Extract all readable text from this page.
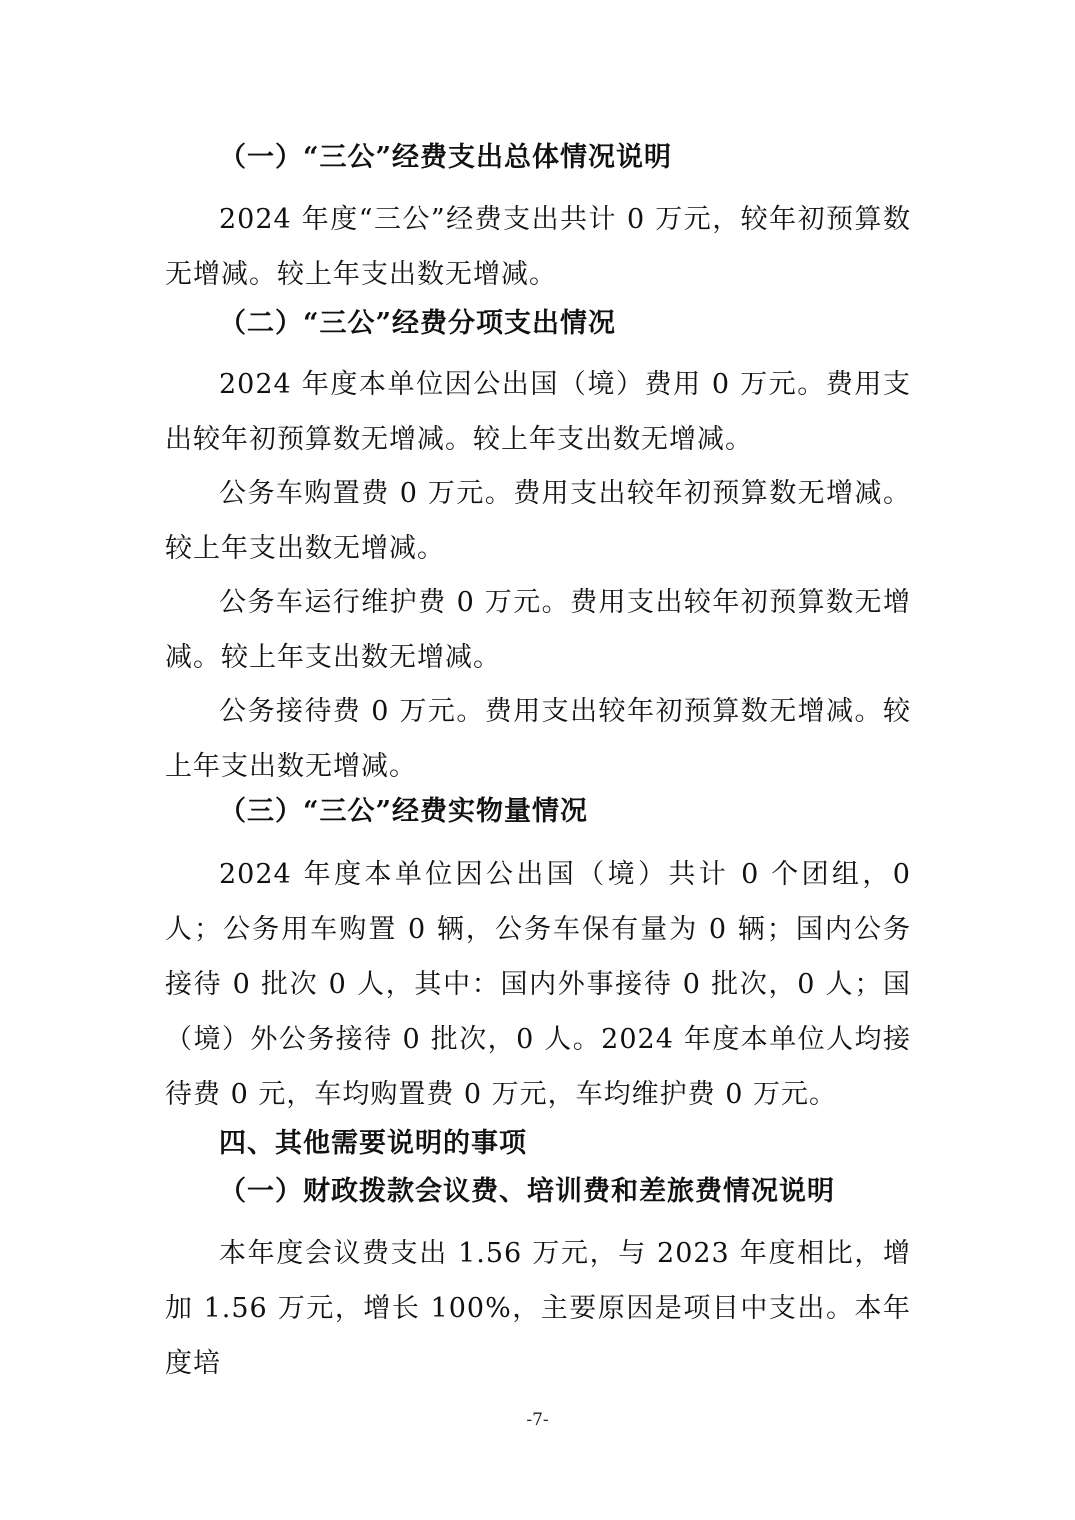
（一）“三公”经费支出总体情况说明

2024 年度“三公”经费支出共计 0 万元，较年初预算数无增减。较上年支出数无增减。

（二）“三公”经费分项支出情况

2024 年度本单位因公出国（境）费用 0 万元。费用支出较年初预算数无增减。较上年支出数无增减。

公务车购置费 0 万元。费用支出较年初预算数无增减。较上年支出数无增减。

公务车运行维护费 0 万元。费用支出较年初预算数无增减。较上年支出数无增减。

公务接待费 0 万元。费用支出较年初预算数无增减。较上年支出数无增减。

（三）“三公”经费实物量情况

2024 年度本单位因公出国（境）共计 0 个团组，0 人；公务用车购置 0 辆，公务车保有量为 0 辆；国内公务接待 0 批次 0 人，其中：国内外事接待 0 批次，0 人；国（境）外公务接待 0 批次，0 人。2024 年度本单位人均接待费 0 元，车均购置费 0 万元，车均维护费 0 万元。

四、其他需要说明的事项

（一）财政拨款会议费、培训费和差旅费情况说明

本年度会议费支出 1.56 万元，与 2023 年度相比，增加 1.56 万元，增长 100%，主要原因是项目中支出。本年度培

-7-
